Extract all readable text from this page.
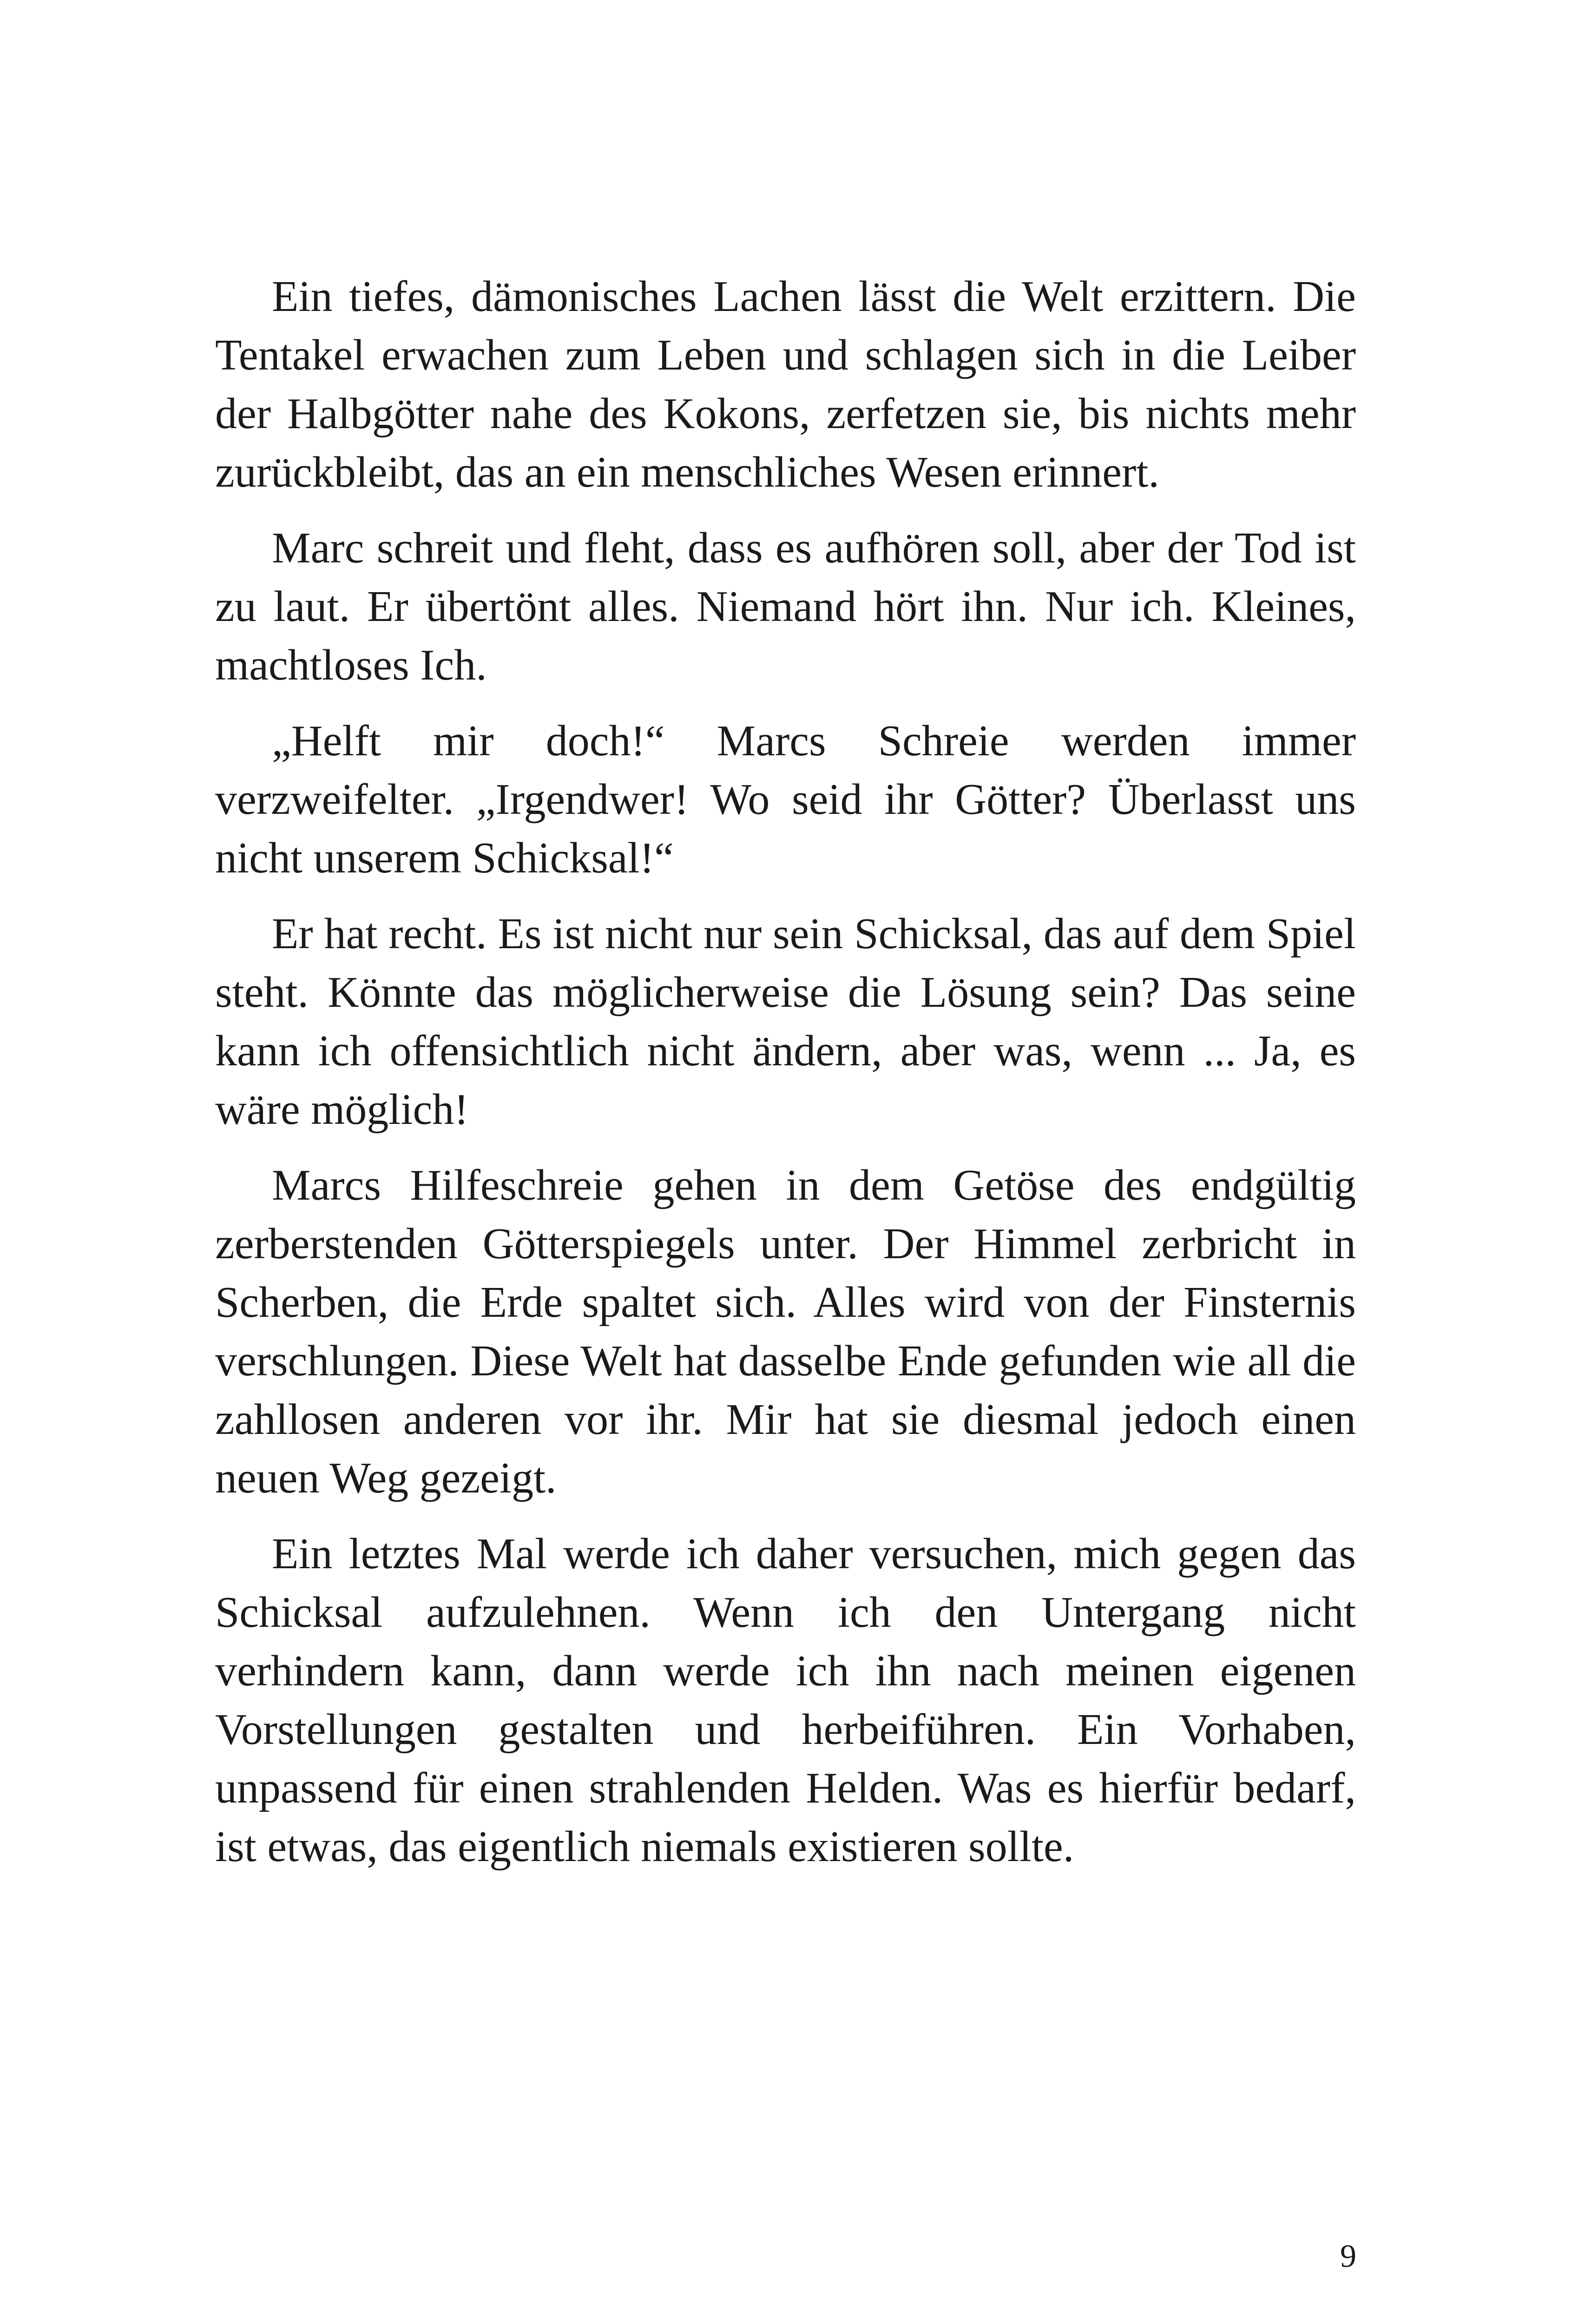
Ein tiefes, dämonisches Lachen lässt die Welt erzittern. Die Tentakel erwachen zum Leben und schlagen sich in die Leiber der Halbgötter nahe des Kokons, zerfetzen sie, bis nichts mehr zurückbleibt, das an ein menschliches Wesen erinnert.

Marc schreit und fleht, dass es aufhören soll, aber der Tod ist zu laut. Er übertönt alles. Niemand hört ihn. Nur ich. Kleines, machtloses Ich.

„Helft mir doch!“ Marcs Schreie werden immer verzweifelter. „Irgendwer! Wo seid ihr Götter? Überlasst uns nicht unserem Schicksal!“

Er hat recht. Es ist nicht nur sein Schicksal, das auf dem Spiel steht. Könnte das möglicherweise die Lösung sein? Das seine kann ich offensichtlich nicht ändern, aber was, wenn ... Ja, es wäre möglich!

Marcs Hilfeschreie gehen in dem Getöse des endgültig zerberstenden Götterspiegels unter. Der Himmel zerbricht in Scherben, die Erde spaltet sich. Alles wird von der Finsternis verschlungen. Diese Welt hat dasselbe Ende gefunden wie all die zahllosen anderen vor ihr. Mir hat sie diesmal jedoch einen neuen Weg gezeigt.

Ein letztes Mal werde ich daher versuchen, mich gegen das Schicksal aufzulehnen. Wenn ich den Untergang nicht verhindern kann, dann werde ich ihn nach meinen eigenen Vorstellungen gestalten und herbeiführen. Ein Vorhaben, unpassend für einen strahlenden Helden. Was es hierfür bedarf, ist etwas, das eigentlich niemals existieren sollte.

9
